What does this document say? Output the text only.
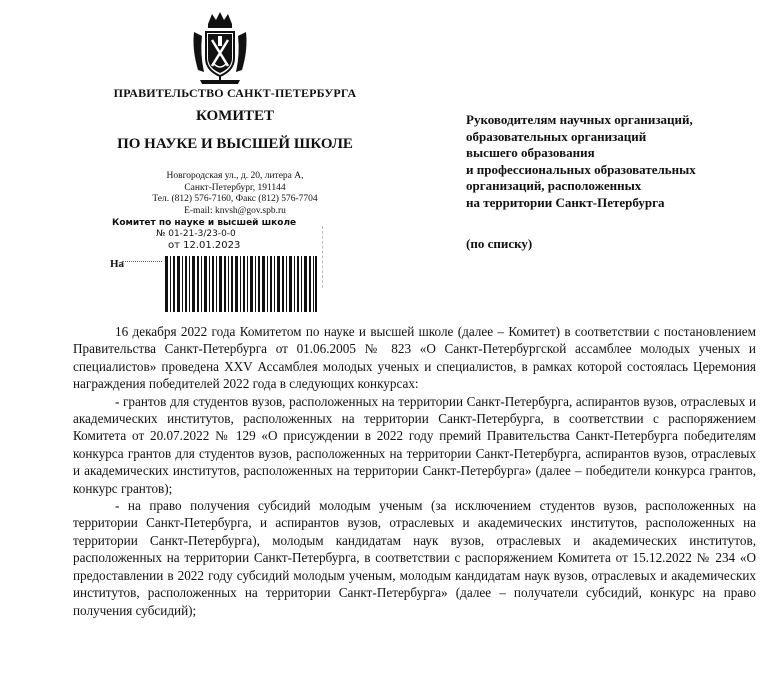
ПРАВИТЕЛЬСТВО САНКТ-ПЕТЕРБУРГА
КОМИТЕТ
ПО НАУКЕ И ВЫСШЕЙ ШКОЛЕ
Новгородская ул., д. 20, литера А,
Санкт-Петербург, 191144
Тел. (812) 576-7160, Факс (812) 576-7704
E-mail: knvsh@gov.spb.ru
Комитет по науке и высшей школе
№ 01-21-3/23-0-0
от 12.01.2023
На
Руководителям научных организаций,
образовательных организаций
высшего образования
и профессиональных образовательных
организаций, расположенных
на территории Санкт-Петербурга
(по списку)

16 декабря 2022 года Комитетом по науке и высшей школе (далее – Комитет) в соответствии с постановлением Правительства Санкт-Петербурга от 01.06.2005 № 823 «О Санкт-Петербургской ассамблее молодых ученых и специалистов» проведена XXV Ассамблея молодых ученых и специалистов, в рамках которой состоялась Церемония награждения победителей 2022 года в следующих конкурсах:

- грантов для студентов вузов, расположенных на территории Санкт-Петербурга, аспирантов вузов, отраслевых и академических институтов, расположенных на территории Санкт-Петербурга, в соответствии с распоряжением Комитета от 20.07.2022 № 129 «О присуждении в 2022 году премий Правительства Санкт-Петербурга победителям конкурса грантов для студентов вузов, расположенных на территории Санкт-Петербурга, аспирантов вузов, отраслевых и академических институтов, расположенных на территории Санкт-Петербурга» (далее – победители конкурса грантов, конкурс грантов);

- на право получения субсидий молодым ученым (за исключением студентов вузов, расположенных на территории Санкт-Петербурга, и аспирантов вузов, отраслевых и академических институтов, расположенных на территории Санкт-Петербурга), молодым кандидатам наук вузов, отраслевых и академических институтов, расположенных на территории Санкт-Петербурга, в соответствии с распоряжением Комитета от 15.12.2022 № 234 «О предоставлении в 2022 году субсидий молодым ученым, молодым кандидатам наук вузов, отраслевых и академических институтов, расположенных на территории Санкт-Петербурга» (далее – получатели субсидий, конкурс на право получения субсидий);
